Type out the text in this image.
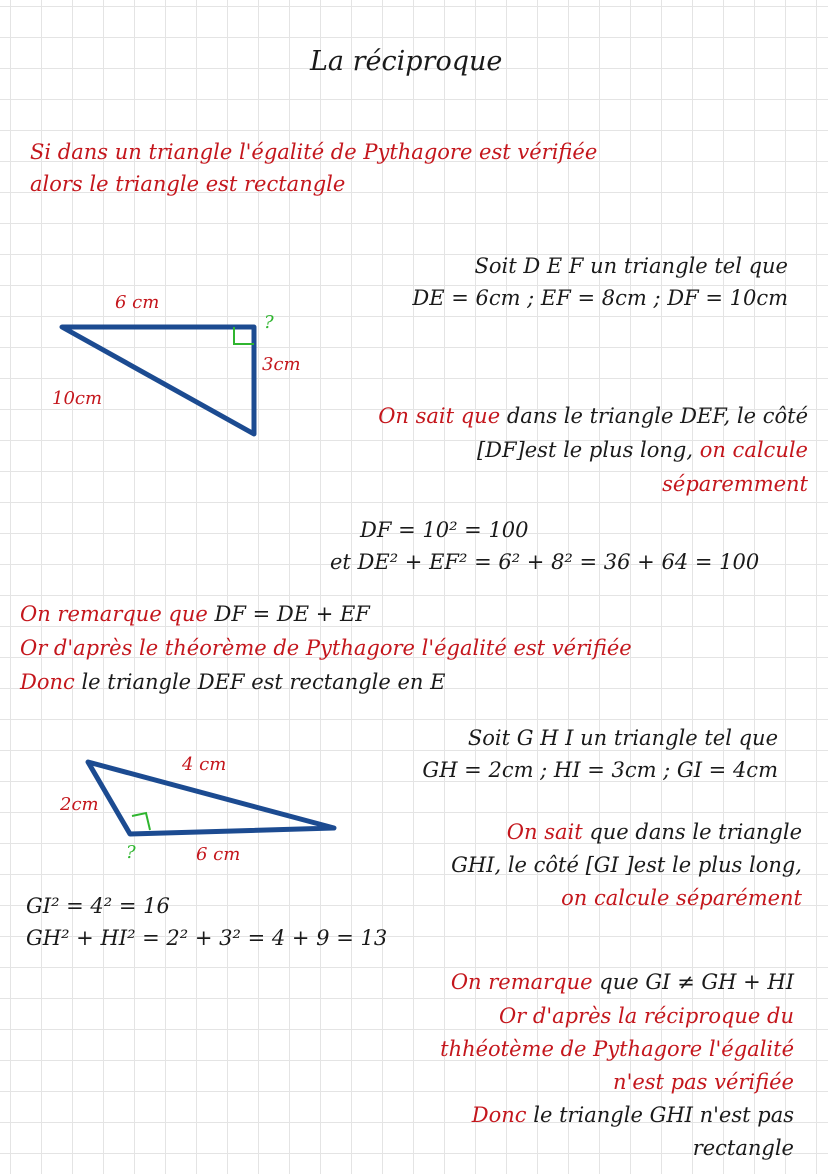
La réciproque
Si dans un triangle l'égalité de Pythagore est vérifiée
alors le triangle est rectangle
6 cm
3cm
10cm
?
Soit D E F un triangle tel que
DE = 6cm ; EF = 8cm ; DF = 10cm
On sait que dans le triangle DEF, le côté
[DF]est le plus long, on calcule
séparemment
DF = 10² = 100
et DE² + EF² = 6² + 8² = 36 + 64 = 100
On remarque que DF = DE + EF
Or d'après le théorème de Pythagore l'égalité est vérifiée
Donc le triangle DEF est rectangle en E
4 cm
2cm
6 cm
?
Soit G H I un triangle tel que
GH = 2cm ; HI = 3cm ; GI = 4cm
On sait que dans le triangle
GHI, le côté [GI ]est le plus long,
on calcule séparément
GI² = 4² = 16
GH² + HI² = 2² + 3² = 4 + 9 = 13
On remarque que GI ≠ GH + HI
Or d'après la réciproque du
thhéotème de Pythagore l'égalité
n'est pas vérifiée
Donc le triangle GHI n'est pas
rectangle
